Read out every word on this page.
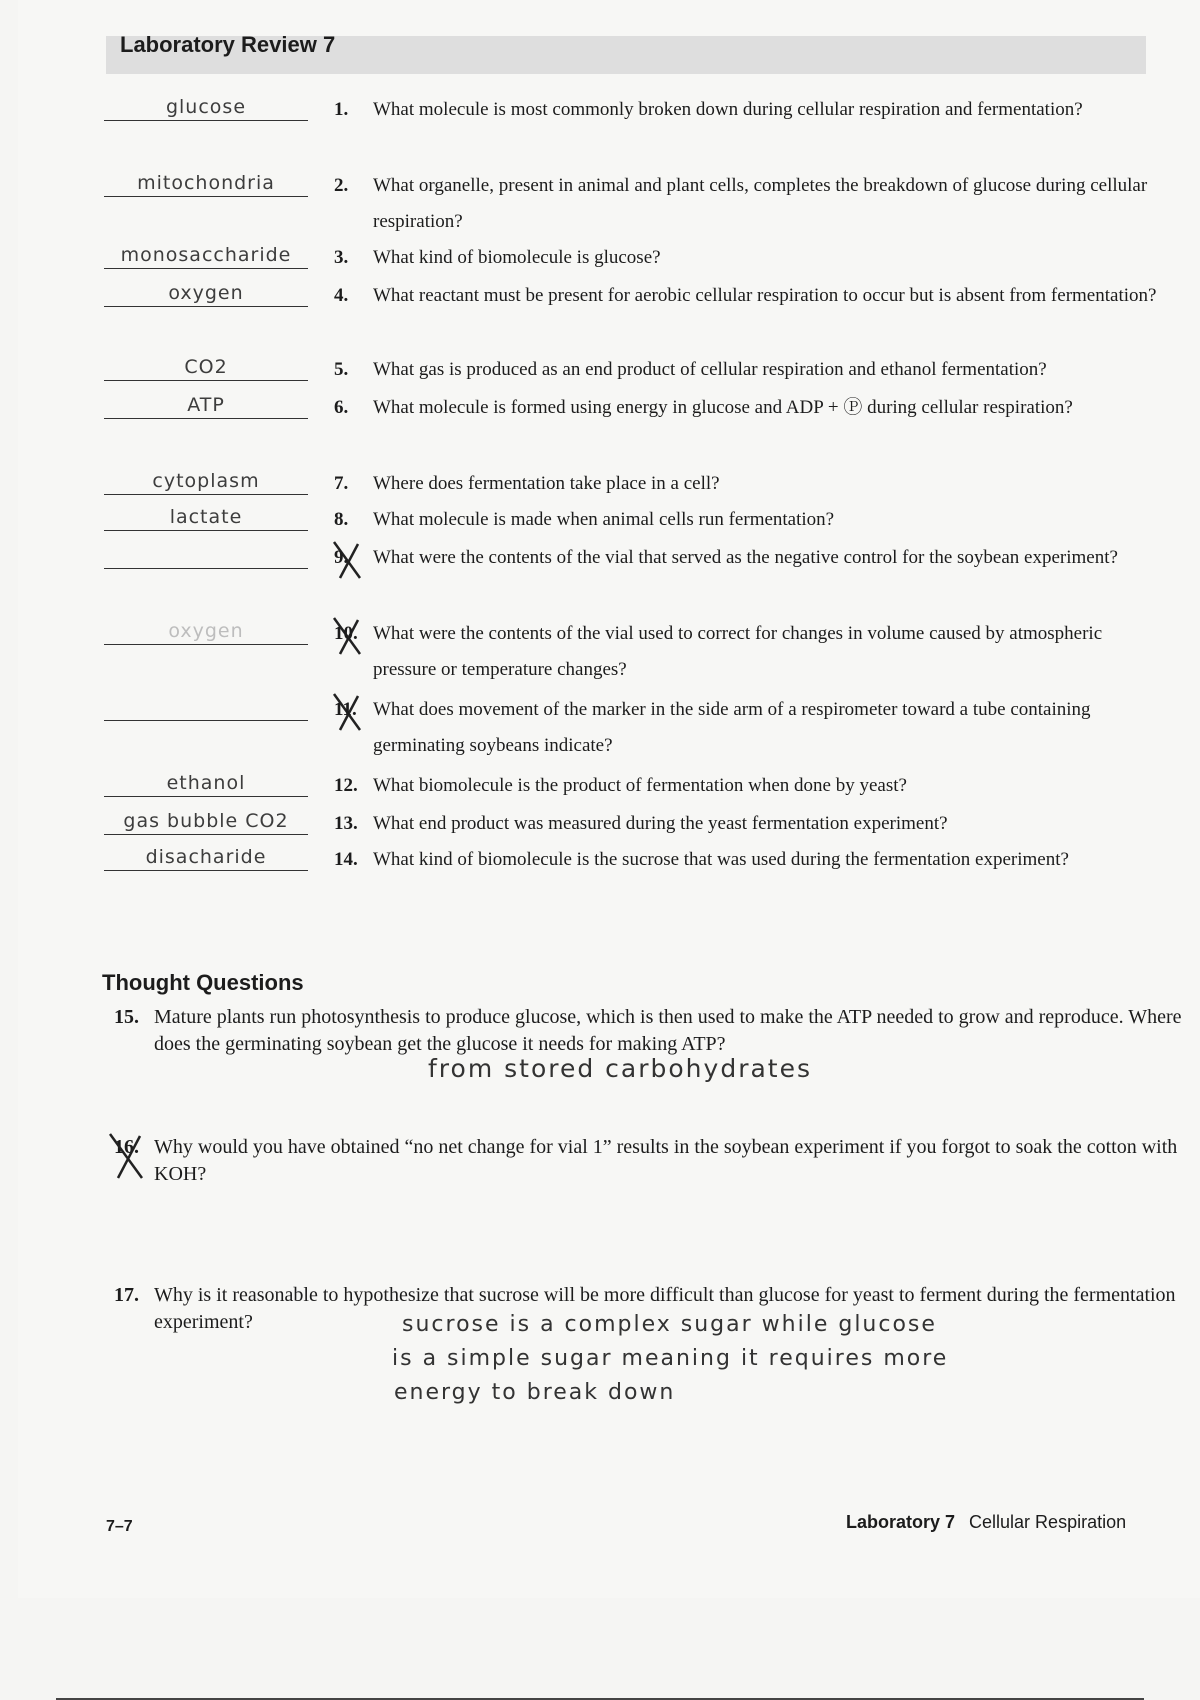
Laboratory Review 7
glucose	1.	What molecule is most commonly broken down during cellular respiration and fermentation?
mitochondria	2.	What organelle, present in animal and plant cells, completes the breakdown of glucose during cellular respiration?
monosaccharide	3.	What kind of biomolecule is glucose?
oxygen	4.	What reactant must be present for aerobic cellular respiration to occur but is absent from fermentation?
CO2	5.	What gas is produced as an end product of cellular respiration and ethanol fermentation?
ATP	6.	What molecule is formed using energy in glucose and ADP + Ⓟ during cellular respiration?
cytoplasm	7.	Where does fermentation take place in a cell?
lactate	8.	What molecule is made when animal cells run fermentation?
9.	What were the contents of the vial that served as the negative control for the soybean experiment?
oxygen	10. What were the contents of the vial used to correct for changes in volume caused by atmospheric pressure or temperature changes?
11. What does movement of the marker in the side arm of a respirometer toward a tube containing germinating soybeans indicate?
ethanol	12. What biomolecule is the product of fermentation when done by yeast?
gas bubble CO2	13. What end product was measured during the yeast fermentation experiment?
disacharide	14. What kind of biomolecule is the sucrose that was used during the fermentation experiment?
Thought Questions
15. Mature plants run photosynthesis to produce glucose, which is then used to make the ATP needed to grow and reproduce. Where does the germinating soybean get the glucose it needs for making ATP?
from stored carbohydrates
16. Why would you have obtained “no net change for vial 1” results in the soybean experiment if you forgot to soak the cotton with KOH?
17. Why is it reasonable to hypothesize that sucrose will be more difficult than glucose for yeast to ferment during the fermentation experiment?	sucrose is a complex sugar while glucose
is a simple sugar meaning it requires more
energy to break down
7–7	Laboratory 7 Cellular Respiration
